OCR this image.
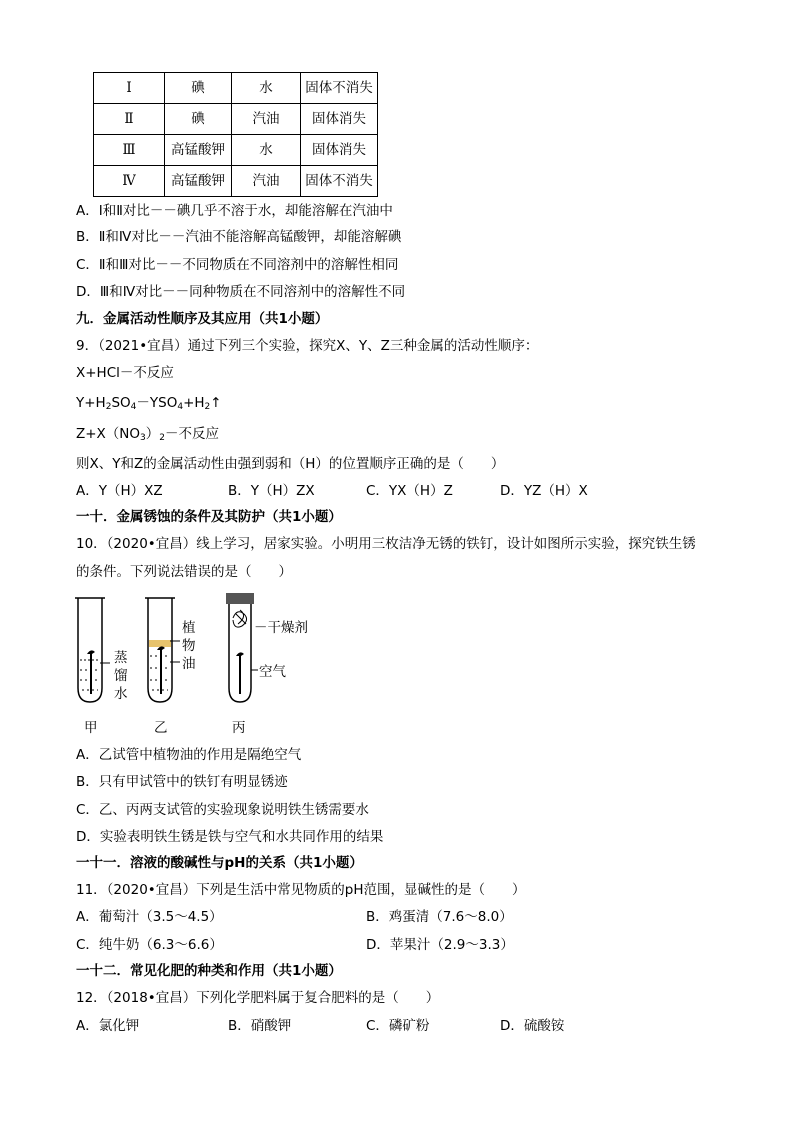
Ⅰ	碘	水	固体不消失
Ⅱ	碘	汽油	固体消失
Ⅲ	高锰酸钾	水	固体消失
Ⅳ	高锰酸钾	汽油	固体不消失
A．Ⅰ和Ⅱ对比－－碘几乎不溶于水，却能溶解在汽油中
B．Ⅱ和Ⅳ对比－－汽油不能溶解高锰酸钾，却能溶解碘
C．Ⅱ和Ⅲ对比－－不同物质在不同溶剂中的溶解性相同
D．Ⅲ和Ⅳ对比－－同种物质在不同溶剂中的溶解性不同
九．金属活动性顺序及其应用（共1小题）
9．（2021•宜昌）通过下列三个实验，探究X、Y、Z三种金属的活动性顺序：
X+HCl－不反应
$Y+H_2SO_4-YSO_4+H_2↑$
$Z+X(NO_3)_2-$不反应
则X、Y和Z的金属活动性由强到弱和（H）的位置顺序正确的是（　　）
A．Y（H）XZ	B．Y（H）ZX	C．YX（H）Z	D．YZ（H）X
一十．金属锈蚀的条件及其防护（共1小题）
10．（2020•宜昌）线上学习，居家实验。小明用三枚洁净无锈的铁钉，设计如图所示实验，探究铁生锈
的条件。下列说法错误的是（　　）
蒸
馏
水
甲
植
物
油
乙
－干燥剂
空气
丙
A．乙试管中植物油的作用是隔绝空气
B．只有甲试管中的铁钉有明显锈迹
C．乙、丙两支试管的实验现象说明铁生锈需要水
D．实验表明铁生锈是铁与空气和水共同作用的结果
一十一．溶液的酸碱性与pH的关系（共1小题）
11．（2020•宜昌）下列是生活中常见物质的pH范围，显碱性的是（　　）
A．葡萄汁（3.5～4.5）	B．鸡蛋清（7.6～8.0）
C．纯牛奶（6.3～6.6）	D．苹果汁（2.9～3.3）
一十二．常见化肥的种类和作用（共1小题）
12．（2018•宜昌）下列化学肥料属于复合肥料的是（　　）
A．氯化钾	B．硝酸钾	C．磷矿粉	D．硫酸铵
